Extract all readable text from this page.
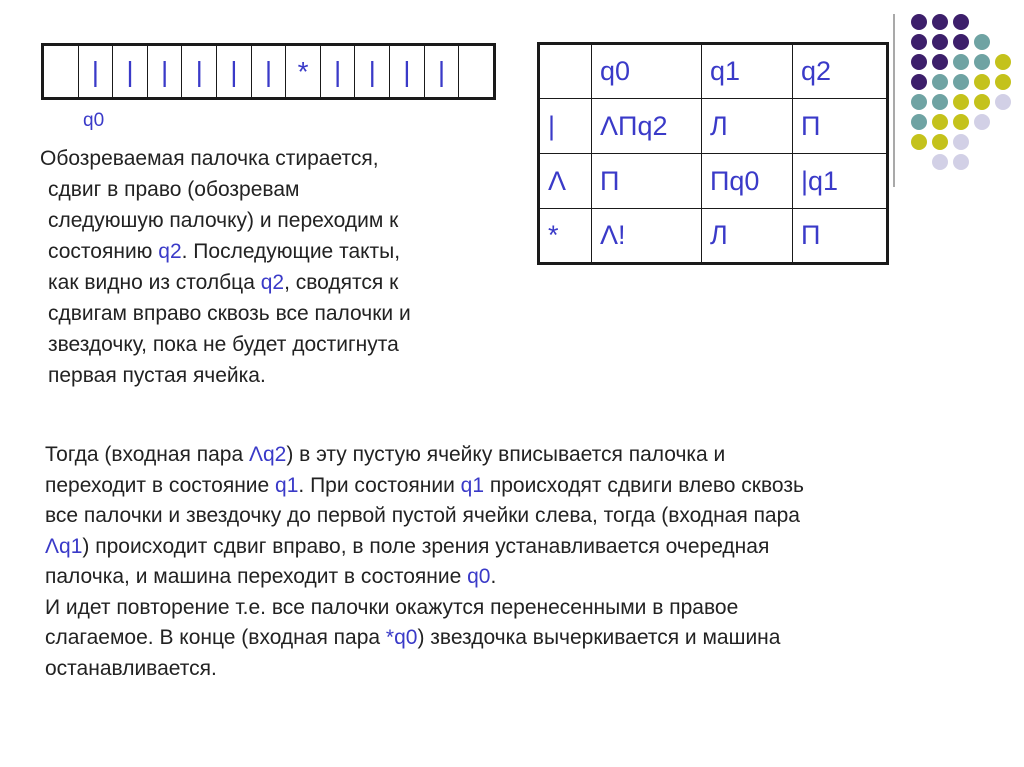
| | | | | | * | | | |
q0
Обозреваемая палочка стирается,
сдвиг в право (обозревам
следуюшую палочку) и переходим к
состоянию q2. Последующие такты,
как видно из столбца q2, сводятся к
сдвигам вправо сквозь все палочки и
звездочку, пока не будет достигнута
первая пустая ячейка.
	q0	q1	q2
|	ΛПq2	Л	П
Λ	П	Пq0	|q1
*	Λ!	Л	П
Тогда (входная пара Λq2) в эту пустую ячейку вписывается палочка и
переходит в состояние q1. При состоянии q1 происходят сдвиги влево сквозь
все палочки и звездочку до первой пустой ячейки слева, тогда (входная пара
Λq1) происходит сдвиг вправо, в поле зрения устанавливается очередная
палочка, и машина переходит в состояние q0.
И идет повторение т.е. все палочки окажутся перенесенными в правое
слагаемое. В конце (входная пара *q0) звездочка вычеркивается и машина
останавливается.
